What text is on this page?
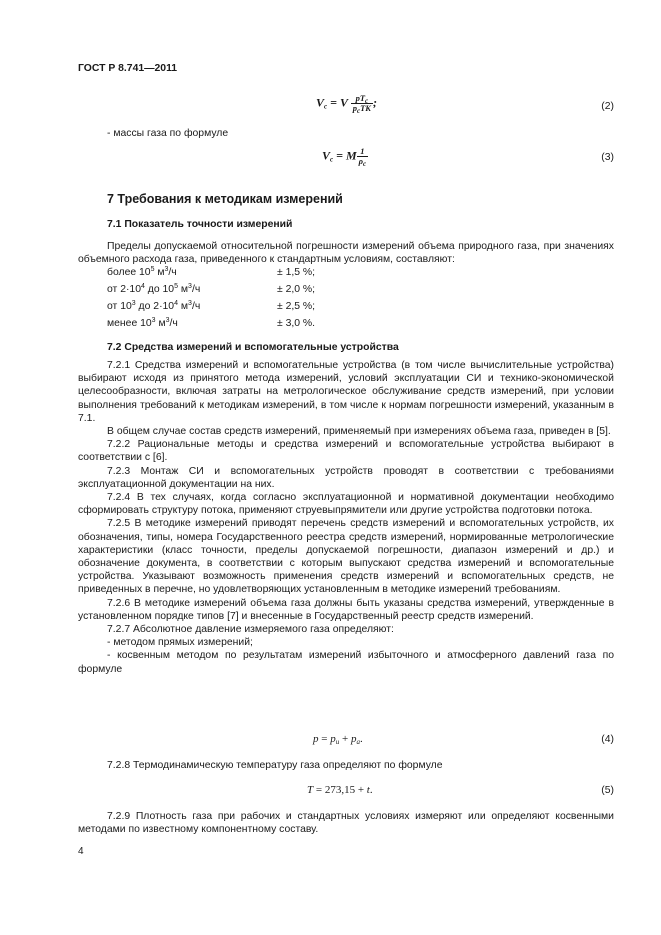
ГОСТ Р 8.741—2011
$V_с = V \frac{pT_с}{p_сTK}$ ;	(2)
- массы газа по формуле
$V_с = M \frac{1}{\rho_с}$	(3)
7 Требования к методикам измерений
7.1 Показатель точности измерений

Пределы допускаемой относительной погрешности измерений объема природного газа, при значениях объемного расхода газа, приведенного к стандартным условиям, составляют:

более $10^5$ $м^3/ч$	± 1,5 %;
от $2\cdot 10^4$ до $10^5$ $м^3/ч$	± 2,0 %;
от $10^3$ до $2\cdot 10^4$ $м^3/ч$	± 2,5 %;
менее $10^3$ $м^3/ч$	± 3,0 %.
7.2 Средства измерений и вспомогательные устройства

7.2.1 Средства измерений и вспомогательные устройства (в том числе вычислительные устройства) выбирают исходя из принятого метода измерений, условий эксплуатации СИ и технико-экономической целесообразности, включая затраты на метрологическое обслуживание средств измерений, при условии выполнения требований к методикам измерений, в том числе к нормам погрешности измерений, указанным в 7.1.

В общем случае состав средств измерений, применяемый при измерениях объема газа, приведен в [5].

7.2.2 Рациональные методы и средства измерений и вспомогательные устройства выбирают в соответствии с [6].

7.2.3 Монтаж СИ и вспомогательных устройств проводят в соответствии с требованиями эксплуатационной документации на них.

7.2.4 В тех случаях, когда согласно эксплуатационной и нормативной документации необходимо сформировать структуру потока, применяют струевыпрямители или другие устройства подготовки потока.

7.2.5 В методике измерений приводят перечень средств измерений и вспомогательных устройств, их обозначения, типы, номера Государственного реестра средств измерений, нормированные метрологические характеристики (класс точности, пределы допускаемой погрешности, диапазон измерений и др.) и обозначение документа, в соответствии с которым выпускают средства измерений и вспомогательные устройства. Указывают возможность применения средств измерений и вспомогательных средств, не приведенных в перечне, но удовлетворяющих установленным в методике измерений требованиям.

7.2.6 В методике измерений объема газа должны быть указаны средства измерений, утвержденные в установленном порядке типов [7] и внесенные в Государственный реестр средств измерений.

7.2.7 Абсолютное давление измеряемого газа определяют:

- методом прямых измерений;

- косвенным методом по результатам измерений избыточного и атмосферного давлений газа по формуле

$p = p_и + p_a$.	(4)

7.2.8 Термодинамическую температуру газа определяют по формуле

T = 273,15 + t.	(5)

7.2.9 Плотность газа при рабочих и стандартных условиях измеряют или определяют косвенными методами по известному компонентному составу.

4
